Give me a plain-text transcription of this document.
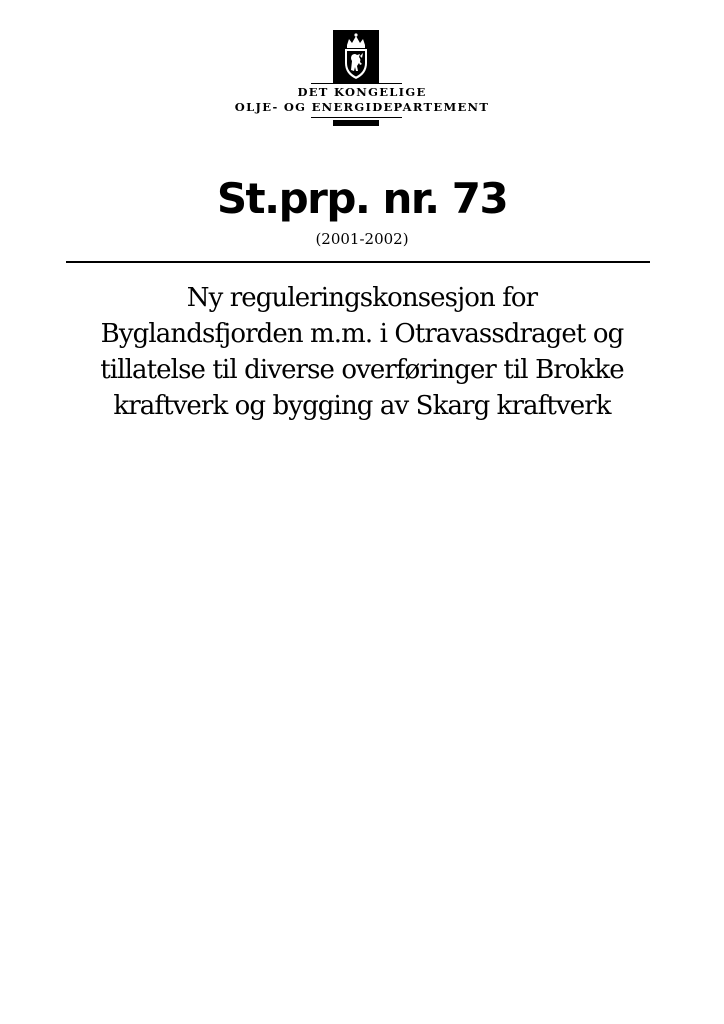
DET KONGELIGE
OLJE- OG ENERGIDEPARTEMENT
St.prp. nr. 73
(2001-2002)
Ny reguleringskonsesjon for
Byglandsfjorden m.m. i Otravassdraget og
tillatelse til diverse overføringer til Brokke
kraftverk og bygging av Skarg kraftverk
